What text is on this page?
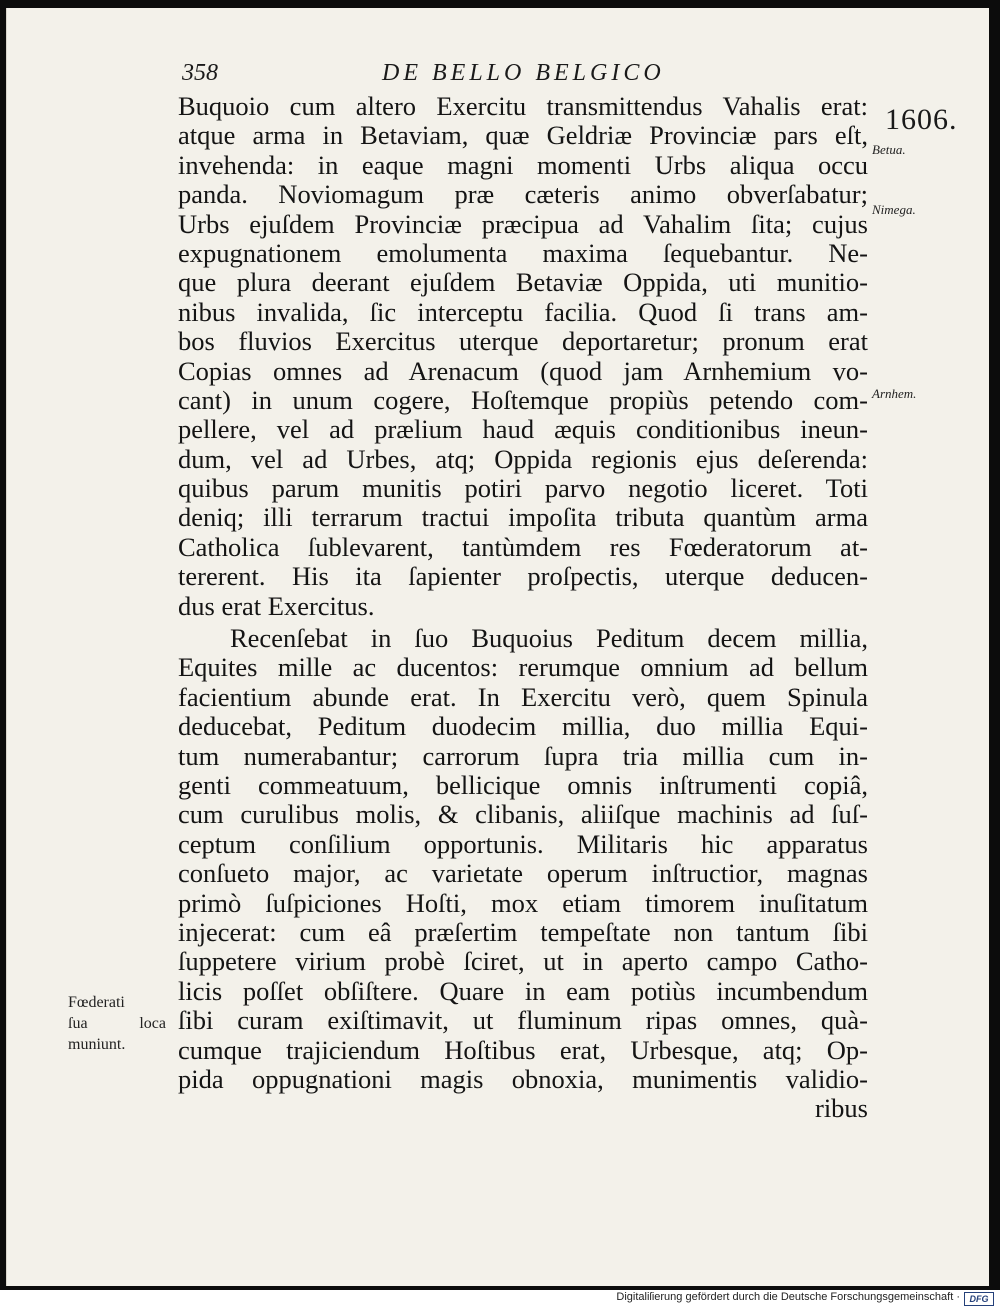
358	DE BELLO BELGICO
1606.
Betua.
Nimega.
Arnhem.
Fœderati
ſua loca
muniunt.
Buquoio cum altero Exercitu transmittendus Vahalis erat:
atque arma in Betaviam, quæ Geldriæ Provinciæ pars eſt,
invehenda: in eaque magni momenti Urbs aliqua occu
panda. Noviomagum præ cæteris animo obverſabatur;
Urbs ejuſdem Provinciæ præcipua ad Vahalim ſita; cujus
expugnationem emolumenta maxima ſequebantur. Ne-
que plura deerant ejuſdem Betaviæ Oppida, uti munitio-
nibus invalida, ſic interceptu facilia. Quod ſi trans am-
bos fluvios Exercitus uterque deportaretur; pronum erat
Copias omnes ad Arenacum (quod jam Arnhemium vo-
cant) in unum cogere, Hoſtemque propiùs petendo com-
pellere, vel ad prælium haud æquis conditionibus ineun-
dum, vel ad Urbes, atq; Oppida regionis ejus deſerenda:
quibus parum munitis potiri parvo negotio liceret. Toti
deniq; illi terrarum tractui impoſita tributa quantùm arma
Catholica ſublevarent, tantùmdem res Fœderatorum at-
tererent. His ita ſapienter proſpectis, uterque deducen-
dus erat Exercitus.
Recenſebat in ſuo Buquoius Peditum decem millia,
Equites mille ac ducentos: rerumque omnium ad bellum
facientium abunde erat. In Exercitu verò, quem Spinula
deducebat, Peditum duodecim millia, duo millia Equi-
tum numerabantur; carrorum ſupra tria millia cum in-
genti commeatuum, bellicique omnis inſtrumenti copiâ,
cum curulibus molis, & clibanis, aliiſque machinis ad ſuſ-
ceptum conſilium opportunis. Militaris hic apparatus
conſueto major, ac varietate operum inſtructior, magnas
primò ſuſpiciones Hoſti, mox etiam timorem inuſitatum
injecerat: cum eâ præſertim tempeſtate non tantum ſibi
ſuppetere virium probè ſciret, ut in aperto campo Catho-
licis poſſet obſiſtere. Quare in eam potiùs incumbendum
ſibi curam exiſtimavit, ut fluminum ripas omnes, quà-
cumque trajiciendum Hoſtibus erat, Urbesque, atq; Op-
pida oppugnationi magis obnoxia, munimentis validio-
ribus
Digitaliſierung gefördert durch die Deutsche Forschungsgemeinschaft ·	DFG
